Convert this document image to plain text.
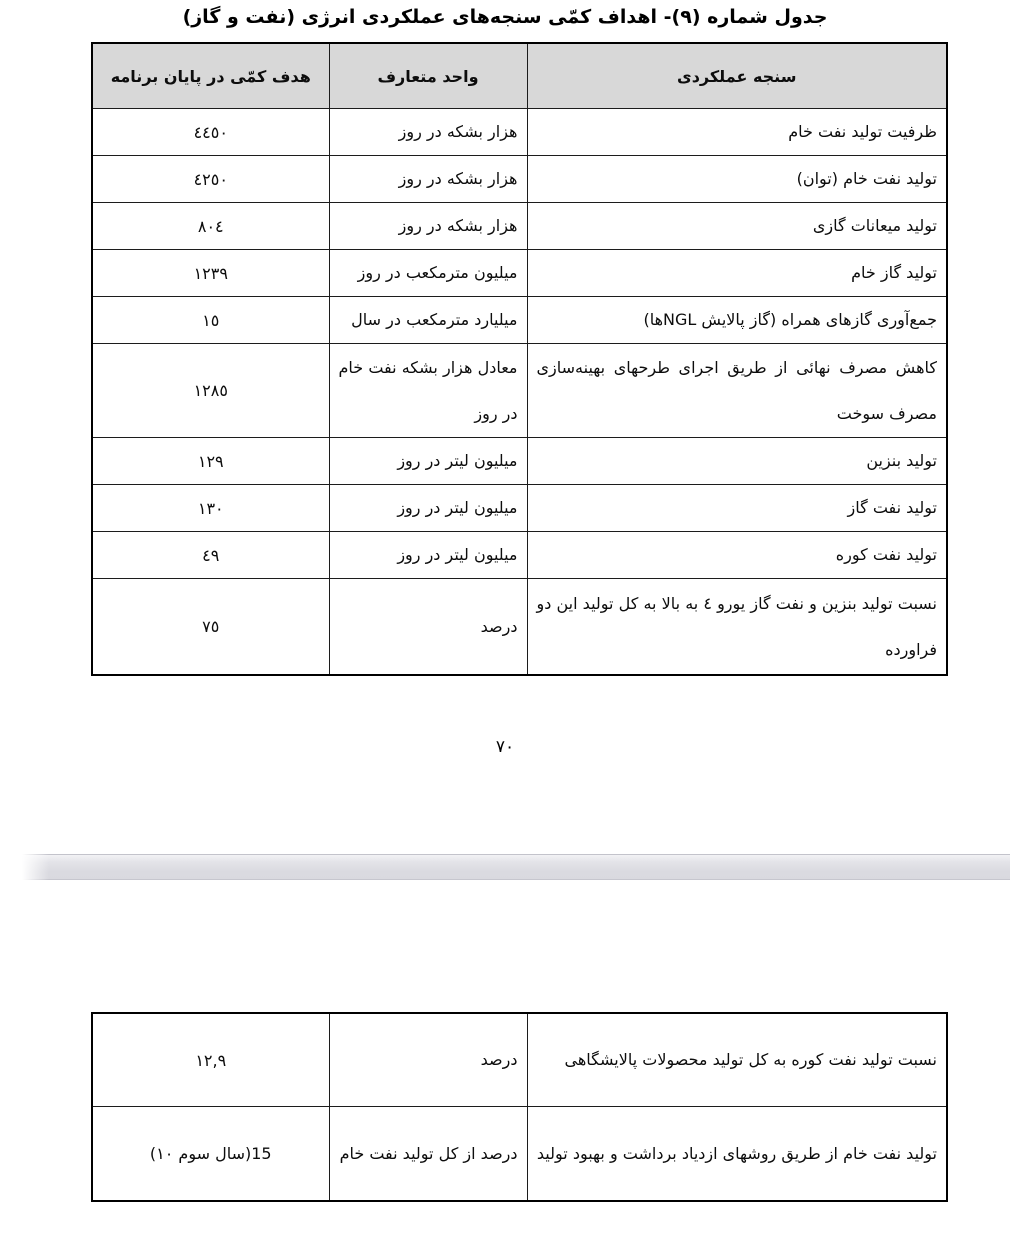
جدول شماره (٩)- اهداف کمّی سنجه‌های عملکردی انرژی (نفت و گاز)
سنجه عملکردی	واحد متعارف	هدف کمّی در پایان برنامه
ظرفیت تولید نفت خام	هزار بشکه در روز	٤٤٥٠
تولید نفت خام (توان)	هزار بشکه در روز	٤٢٥٠
تولید میعانات گازی	هزار بشکه در روز	٨٠٤
تولید گاز خام	میلیون مترمکعب در روز	١٢٣٩
جمع‌آوری گازهای همراه (گاز پالایش NGLها)	میلیارد مترمکعب در سال	١٥
کاهش مصرف نهائی از طریق اجرای طرحهای بهینه‌سازی مصرف سوخت	معادل هزار بشکه نفت خام در روز	١٢٨٥
تولید بنزین	میلیون لیتر در روز	١٢٩
تولید نفت گاز	میلیون لیتر در روز	١٣٠
تولید نفت کوره	میلیون لیتر در روز	٤٩
نسبت تولید بنزین و نفت گاز یورو ٤ به بالا به کل تولید این دو فراورده	درصد	٧٥
٧٠
نسبت تولید نفت کوره به کل تولید محصولات پالایشگاهی	درصد	١٢,٩
تولید نفت خام از طریق روشهای ازدیاد برداشت و بهبود تولید	درصد از کل تولید نفت خام	15(سال سوم ١٠)
